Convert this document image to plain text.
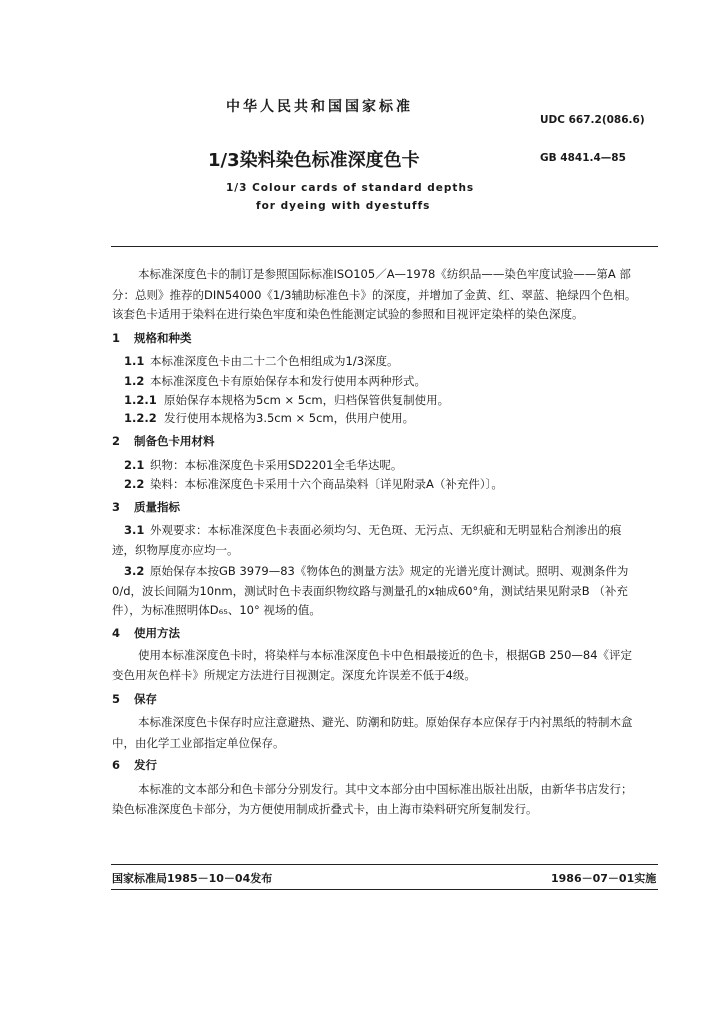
中华人民共和国国家标准
UDC 667.2(086.6)
1/3染料染色标准深度色卡	GB 4841.4—85
1/3 Colour cards of standard depths
for dyeing with dyestuffs
本标准深度色卡的制订是参照国际标准ISO105／A—1978《纺织品——染色牢度试验——第A 部
分：总则》推荐的DIN54000《1/3辅助标准色卡》的深度，并增加了金黄、红、翠蓝、艳绿四个色相。
该套色卡适用于染料在进行染色牢度和染色性能测定试验的参照和目视评定染样的染色深度。
1 规格和种类
1.1 本标准深度色卡由二十二个色相组成为1/3深度。
1.2 本标准深度色卡有原始保存本和发行使用本两种形式。
1.2.1 原始保存本规格为5cm × 5cm，归档保管供复制使用。
1.2.2 发行使用本规格为3.5cm × 5cm，供用户使用。
2 制备色卡用材料
2.1 织物：本标准深度色卡采用SD2201全毛华达呢。
2.2 染料：本标准深度色卡采用十六个商品染料〔详见附录A（补充件）〕。
3 质量指标
3.1 外观要求：本标准深度色卡表面必须均匀、无色斑、无污点、无织疵和无明显粘合剂渗出的痕
迹，织物厚度亦应均一。
3.2 原始保存本按GB 3979—83《物体色的测量方法》规定的光谱光度计测试。照明、观测条件为
0/d，波长间隔为10nm，测试时色卡表面织物纹路与测量孔的x轴成60°角，测试结果见附录B （补充
件），为标准照明体D₆₅、10° 视场的值。
4 使用方法
使用本标准深度色卡时，将染样与本标准深度色卡中色相最接近的色卡，根据GB 250—84《评定
变色用灰色样卡》所规定方法进行目视测定。深度允许误差不低于4级。
5 保存
本标准深度色卡保存时应注意避热、避光、防潮和防蛀。原始保存本应保存于内衬黑纸的特制木盒
中，由化学工业部指定单位保存。
6 发行
本标准的文本部分和色卡部分分别发行。其中文本部分由中国标准出版社出版，由新华书店发行；
染色标准深度色卡部分，为方便使用制成折叠式卡，由上海市染料研究所复制发行。
国家标准局1985－10－04发布	1986－07－01实施
